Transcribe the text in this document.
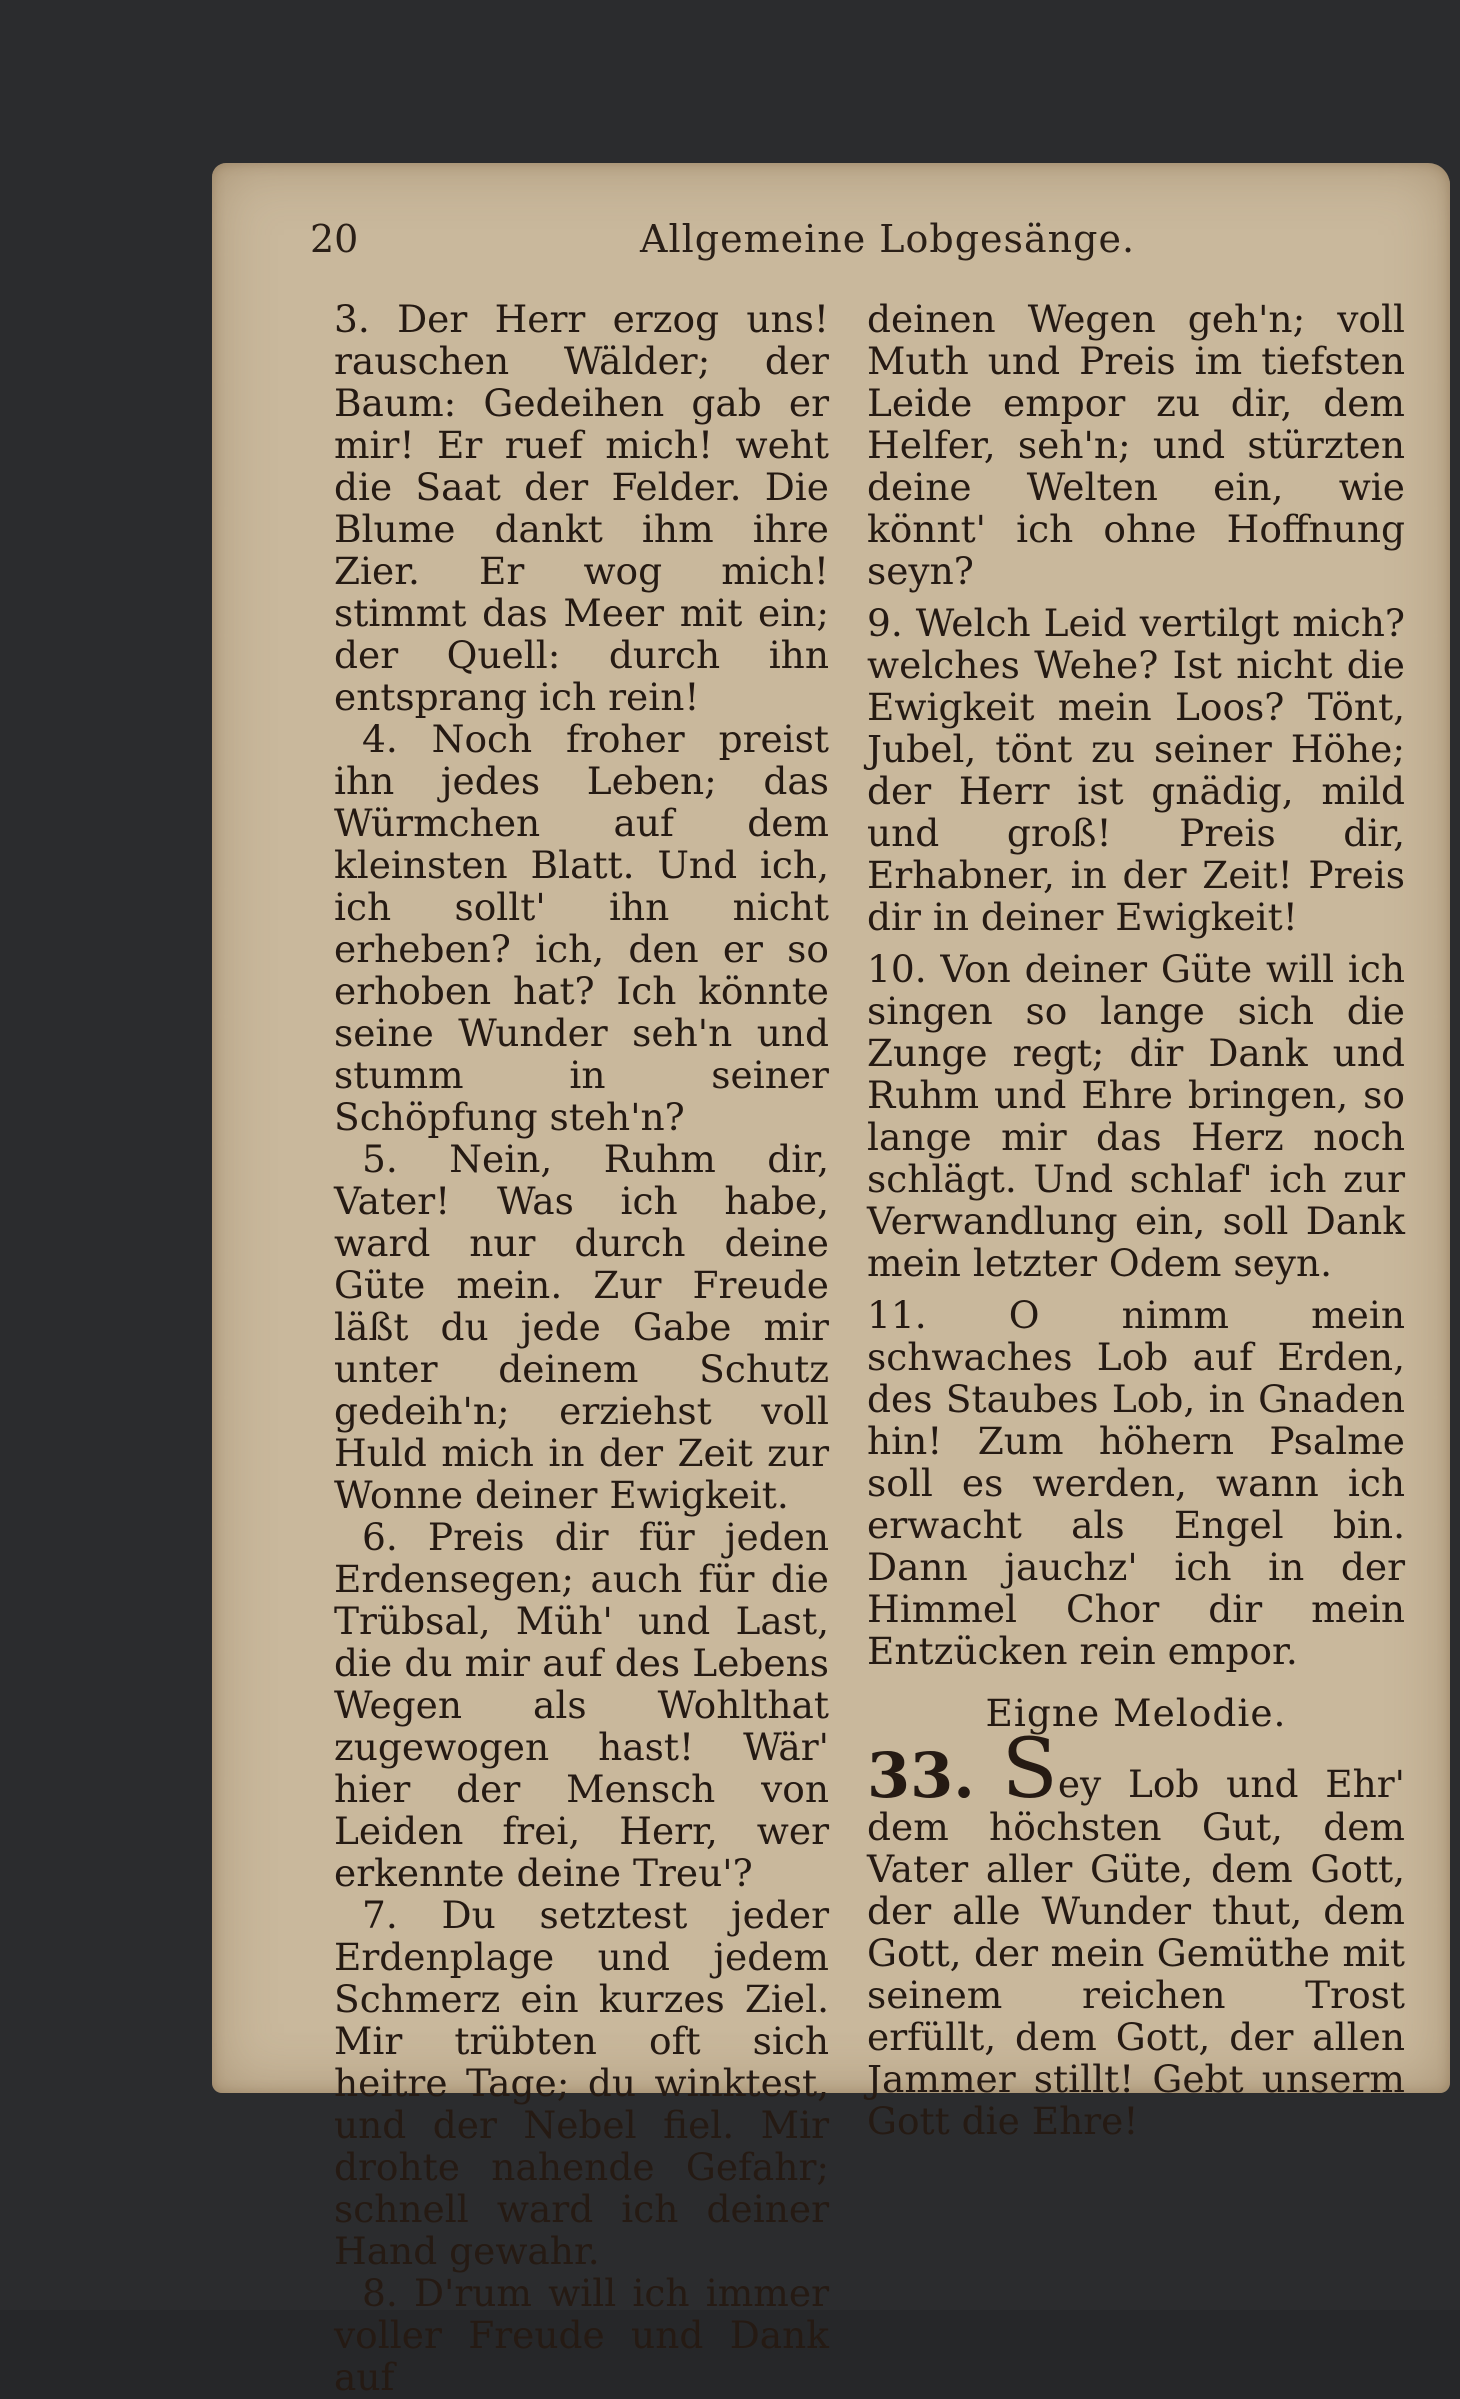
20	Allgemeine Lobgesänge.

3. Der Herr erzog uns! rauschen Wälder; der Baum: Gedeihen gab er mir! Er ruef mich! weht die Saat der Felder. Die Blume dankt ihm ihre Zier. Er wog mich! stimmt das Meer mit ein; der Quell: durch ihn entsprang ich rein!

4. Noch froher preist ihn jedes Leben; das Würmchen auf dem kleinsten Blatt. Und ich, ich sollt' ihn nicht erheben? ich, den er so erhoben hat? Ich könnte seine Wunder seh'n und stumm in seiner Schöpfung steh'n?

5. Nein, Ruhm dir, Vater! Was ich habe, ward nur durch deine Güte mein. Zur Freude läßt du jede Gabe mir unter deinem Schutz gedeih'n; erziehst voll Huld mich in der Zeit zur Wonne deiner Ewigkeit.

6. Preis dir für jeden Erdensegen; auch für die Trübsal, Müh' und Last, die du mir auf des Lebens Wegen als Wohlthat zugewogen hast! Wär' hier der Mensch von Leiden frei, Herr, wer erkennte deine Treu'?

7. Du setztest jeder Erdenplage und jedem Schmerz ein kurzes Ziel. Mir trübten oft sich heitre Tage; du winktest, und der Nebel fiel. Mir drohte nahende Gefahr; schnell ward ich deiner Hand gewahr.

8. D'rum will ich immer voller Freude und Dank auf

deinen Wegen geh'n; voll Muth und Preis im tiefsten Leide empor zu dir, dem Helfer, seh'n; und stürzten deine Welten ein, wie könnt' ich ohne Hoffnung seyn?

9. Welch Leid vertilgt mich? welches Wehe? Ist nicht die Ewigkeit mein Loos? Tönt, Jubel, tönt zu seiner Höhe; der Herr ist gnädig, mild und groß! Preis dir, Erhabner, in der Zeit! Preis dir in deiner Ewigkeit!

10. Von deiner Güte will ich singen so lange sich die Zunge regt; dir Dank und Ruhm und Ehre bringen, so lange mir das Herz noch schlägt. Und schlaf' ich zur Verwandlung ein, soll Dank mein letzter Odem seyn.

11. O nimm mein schwaches Lob auf Erden, des Staubes Lob, in Gnaden hin! Zum höhern Psalme soll es werden, wann ich erwacht als Engel bin. Dann jauchz' ich in der Himmel Chor dir mein Entzücken rein empor.

Eigne Melodie.

33. Sey Lob und Ehr' dem höchsten Gut, dem Vater aller Güte, dem Gott, der alle Wunder thut, dem Gott, der mein Gemüthe mit seinem reichen Trost erfüllt, dem Gott, der allen Jammer stillt! Gebt unserm Gott die Ehre!
